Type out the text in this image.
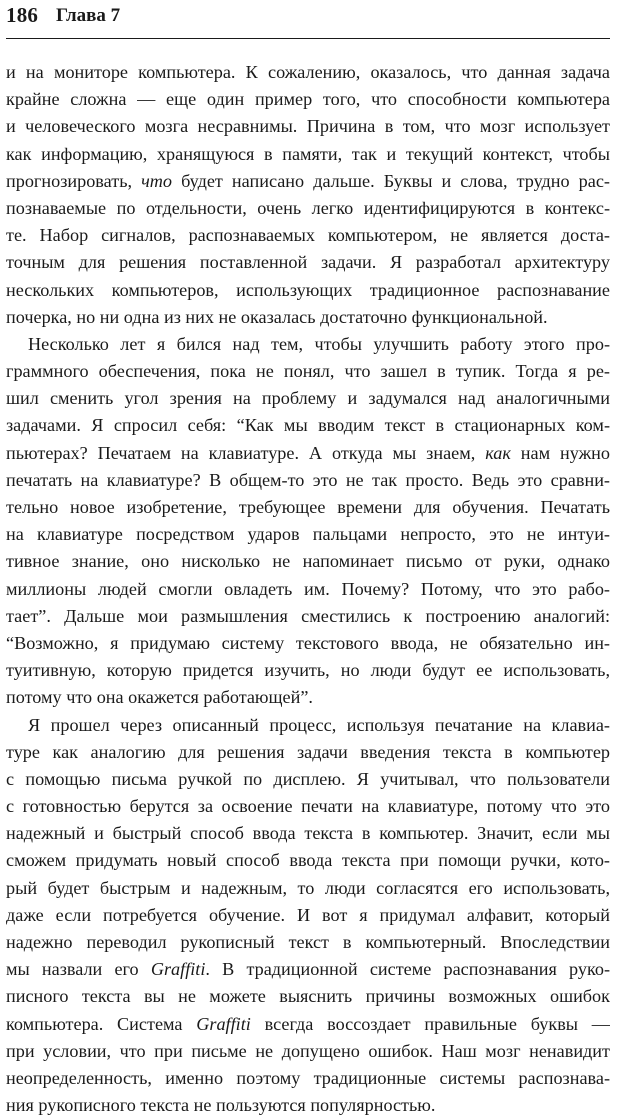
186 Глава 7
и на мониторе компьютера. К сожалению, оказалось, что данная задача
крайне сложна — еще один пример того, что способности компьютера
и человеческого мозга несравнимы. Причина в том, что мозг использует
как информацию, хранящуюся в памяти, так и текущий контекст, чтобы
прогнозировать, что будет написано дальше. Буквы и слова, трудно рас-
познаваемые по отдельности, очень легко идентифицируются в контекс-
те. Набор сигналов, распознаваемых компьютером, не является доста-
точным для решения поставленной задачи. Я разработал архитектуру
нескольких компьютеров, использующих традиционное распознавание
почерка, но ни одна из них не оказалась достаточно функциональной.
Несколько лет я бился над тем, чтобы улучшить работу этого про-
граммного обеспечения, пока не понял, что зашел в тупик. Тогда я ре-
шил сменить угол зрения на проблему и задумался над аналогичными
задачами. Я спросил себя: “Как мы вводим текст в стационарных ком-
пьютерах? Печатаем на клавиатуре. А откуда мы знаем, как нам нужно
печатать на клавиатуре? В общем-то это не так просто. Ведь это сравни-
тельно новое изобретение, требующее времени для обучения. Печатать
на клавиатуре посредством ударов пальцами непросто, это не интуи-
тивное знание, оно нисколько не напоминает письмо от руки, однако
миллионы людей смогли овладеть им. Почему? Потому, что это рабо-
тает”. Дальше мои размышления сместились к построению аналогий:
“Возможно, я придумаю систему текстового ввода, не обязательно ин-
туитивную, которую придется изучить, но люди будут ее использовать,
потому что она окажется работающей”.
Я прошел через описанный процесс, используя печатание на клавиа-
туре как аналогию для решения задачи введения текста в компьютер
с помощью письма ручкой по дисплею. Я учитывал, что пользователи
с готовностью берутся за освоение печати на клавиатуре, потому что это
надежный и быстрый способ ввода текста в компьютер. Значит, если мы
сможем придумать новый способ ввода текста при помощи ручки, кото-
рый будет быстрым и надежным, то люди согласятся его использовать,
даже если потребуется обучение. И вот я придумал алфавит, который
надежно переводил рукописный текст в компьютерный. Впоследствии
мы назвали его Graffiti. В традиционной системе распознавания руко-
писного текста вы не можете выяснить причины возможных ошибок
компьютера. Система Graffiti всегда воссоздает правильные буквы —
при условии, что при письме не допущено ошибок. Наш мозг ненавидит
неопределенность, именно поэтому традиционные системы распознава-
ния рукописного текста не пользуются популярностью.
